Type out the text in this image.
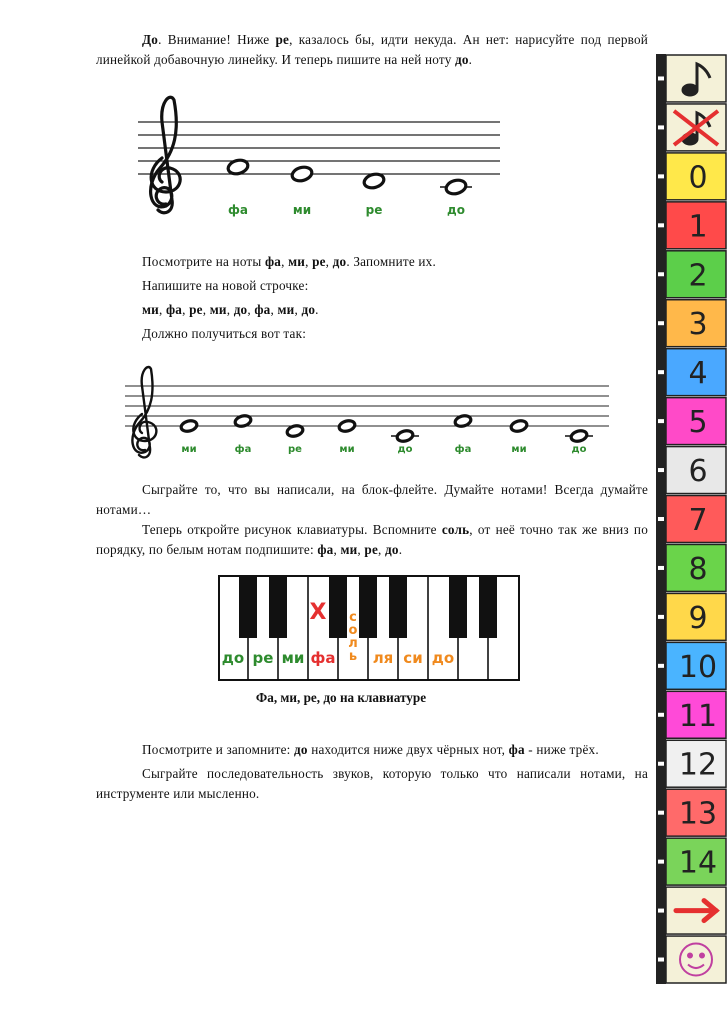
До. Внимание! Ниже ре, казалось бы, идти некуда. Ан нет: нарисуйте под первой линейкой добавочную линейку. И теперь пишите на ней ноту до.

фа	ми	ре	до

Посмотрите на ноты фа, ми, ре, до. Запомните их.

Напишите на новой строчке:

ми, фа, ре, ми, до, фа, ми, до.

Должно получиться вот так:

ми	фа	ре	ми	до	фа	ми	до

Сыграйте то, что вы написали, на блок-флейте. Думайте нотами! Всегда думайте нотами…

Теперь откройте рисунок клавиатуры. Вспомните соль, от неё точно так же вниз по порядку, по белым нотам подпишите: фа, ми, ре, до.

до ре ми фа
с
о
л
ь ля си до
Х
Фа, ми, ре, до на клавиатуре

Посмотрите и запомните: до находится ниже двух чёрных нот, фа - ниже трёх.

Сыграйте последовательность звуков, которую только что написали нотами, на инструменте или мысленно.

0
1
2
3
4
5
6
7
8
9
10
11
12
13
14
